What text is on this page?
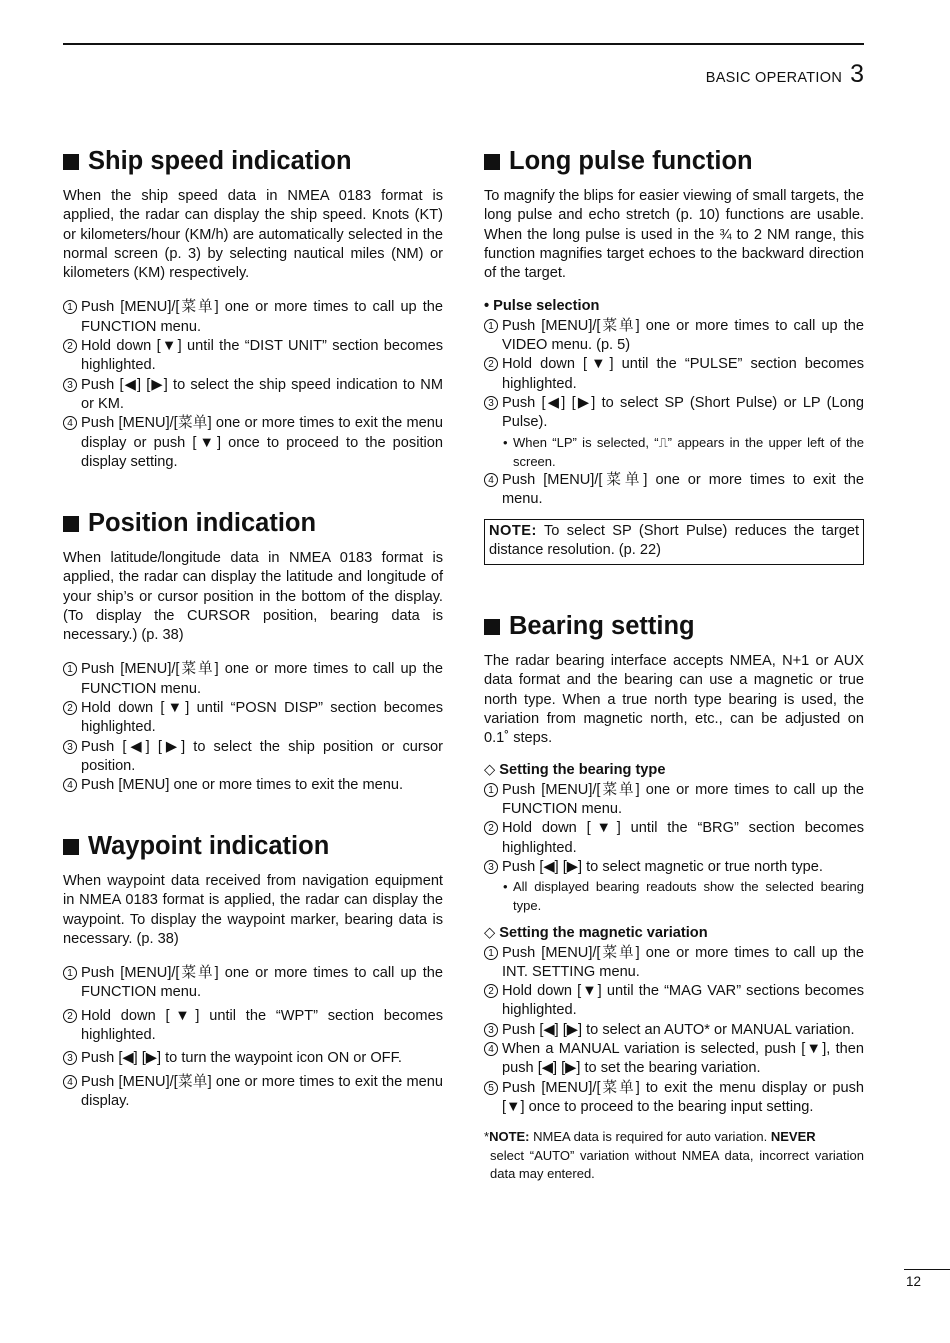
BASIC OPERATION 3
Ship speed indication

When the ship speed data in NMEA 0183 format is applied, the radar can display the ship speed. Knots (KT) or kilometers/hour (KM/h) are automatically selected in the normal screen (p. 3) by selecting nautical miles (NM) or kilometers (KM) respectively.

1 Push [MENU]/[菜单] one or more times to call up the FUNCTION menu.
2 Hold down [▼] until the “DIST UNIT” section becomes highlighted.
3 Push [◀] [▶] to select the ship speed indication to NM or KM.
4 Push [MENU]/[菜单] one or more times to exit the menu display or push [▼] once to proceed to the position display setting.
Position indication

When latitude/longitude data in NMEA 0183 format is applied, the radar can display the latitude and longitude of your ship’s or cursor position in the bottom of the display. (To display the CURSOR position, bearing data is necessary.) (p. 38)

1 Push [MENU]/[菜单] one or more times to call up the FUNCTION menu.
2 Hold down [▼] until “POSN DISP” section becomes highlighted.
3 Push [◀] [▶] to select the ship position or cursor position.
4 Push [MENU] one or more times to exit the menu.
Waypoint indication

When waypoint data received from navigation equipment in NMEA 0183 format is applied, the radar can display the waypoint. To display the waypoint marker, bearing data is necessary. (p. 38)

1 Push [MENU]/[菜单] one or more times to call up the FUNCTION menu.
2 Hold down [▼] until the “WPT” section becomes highlighted.
3 Push [◀] [▶] to turn the waypoint icon ON or OFF.
4 Push [MENU]/[菜单] one or more times to exit the menu display.
Long pulse function

To magnify the blips for easier viewing of small targets, the long pulse and echo stretch (p. 10) functions are usable. When the long pulse is used in the ¾ to 2 NM range, this function magnifies target echoes to the backward direction of the target.

• Pulse selection
1 Push [MENU]/[菜单] one or more times to call up the VIDEO menu. (p. 5)
2 Hold down [▼] until the “PULSE” section becomes highlighted.
3 Push [◀] [▶] to select SP (Short Pulse) or LP (Long Pulse).
• When “LP” is selected, “⎍” appears in the upper left of the screen.
4 Push [MENU]/[菜单] one or more times to exit the menu.
NOTE: To select SP (Short Pulse) reduces the target distance resolution. (p. 22)
Bearing setting

The radar bearing interface accepts NMEA, N+1 or AUX data format and the bearing can use a magnetic or true north type. When a true north type bearing is used, the variation from magnetic north, etc., can be adjusted on 0.1˚ steps.

◇ Setting the bearing type
1 Push [MENU]/[菜单] one or more times to call up the FUNCTION menu.
2 Hold down [▼] until the “BRG” section becomes highlighted.
3 Push [◀] [▶] to select magnetic or true north type.
• All displayed bearing readouts show the selected bearing type.
◇ Setting the magnetic variation
1 Push [MENU]/[菜单] one or more times to call up the INT. SETTING menu.
2 Hold down [▼] until the “MAG VAR” sections becomes highlighted.
3 Push [◀] [▶] to select an AUTO* or MANUAL variation.
4 When a MANUAL variation is selected, push [▼], then push [◀] [▶] to set the bearing variation.
5 Push [MENU]/[菜单] to exit the menu display or push [▼] once to proceed to the bearing input setting.
*NOTE: NMEA data is required for auto variation. NEVER
select “AUTO” variation without NMEA data, incorrect variation data may entered.
12
